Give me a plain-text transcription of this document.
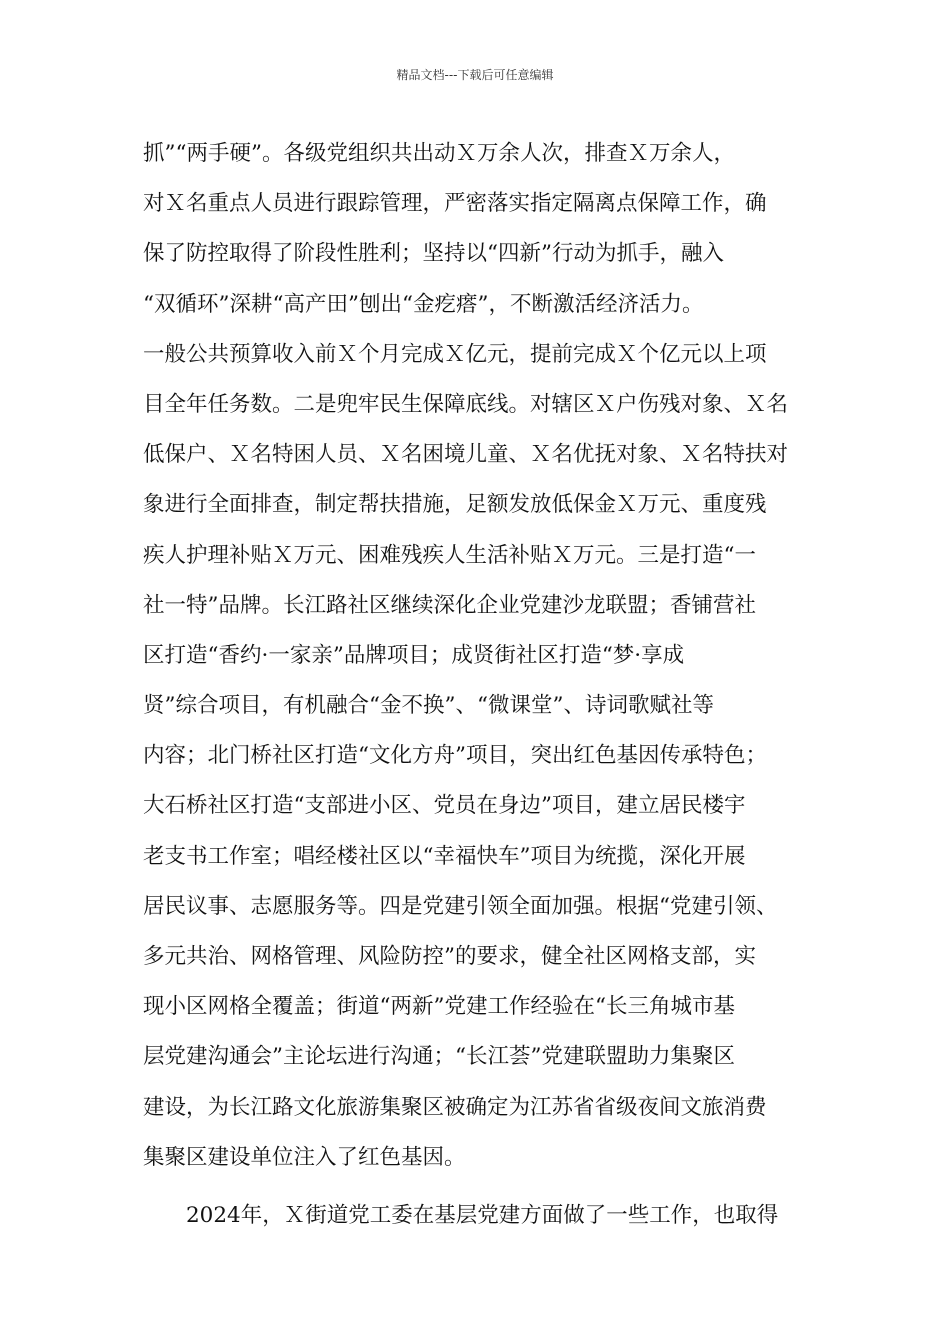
精品文档---下载后可任意编辑
抓”“两手硬”。各级党组织共出动Ｘ万余人次，排查Ｘ万余人，
对Ｘ名重点人员进行跟踪管理，严密落实指定隔离点保障工作，确
保了防控取得了阶段性胜利；坚持以“四新”行动为抓手，融入
“双循环”深耕“高产田”刨出“金疙瘩”，不断激活经济活力。
一般公共预算收入前Ｘ个月完成Ｘ亿元，提前完成Ｘ个亿元以上项
目全年任务数。二是兜牢民生保障底线。对辖区Ｘ户伤残对象、Ｘ名
低保户、Ｘ名特困人员、Ｘ名困境儿童、Ｘ名优抚对象、Ｘ名特扶对
象进行全面排查，制定帮扶措施，足额发放低保金Ｘ万元、重度残
疾人护理补贴Ｘ万元、困难残疾人生活补贴Ｘ万元。三是打造“一
社一特”品牌。长江路社区继续深化企业党建沙龙联盟；香铺营社
区打造“香约·一家亲”品牌项目；成贤街社区打造“梦·享成
贤”综合项目，有机融合“金不换”、“微课堂”、诗词歌赋社等
内容；北门桥社区打造“文化方舟”项目，突出红色基因传承特色；
大石桥社区打造“支部进小区、党员在身边”项目，建立居民楼宇
老支书工作室；唱经楼社区以“幸福快车”项目为统揽，深化开展
居民议事、志愿服务等。四是党建引领全面加强。根据“党建引领、
多元共治、网格管理、风险防控”的要求，健全社区网格支部，实
现小区网格全覆盖；街道“两新”党建工作经验在“长三角城市基
层党建沟通会”主论坛进行沟通；“长江荟”党建联盟助力集聚区
建设，为长江路文化旅游集聚区被确定为江苏省省级夜间文旅消费
集聚区建设单位注入了红色基因。
2024年，Ｘ街道党工委在基层党建方面做了一些工作，也取得
